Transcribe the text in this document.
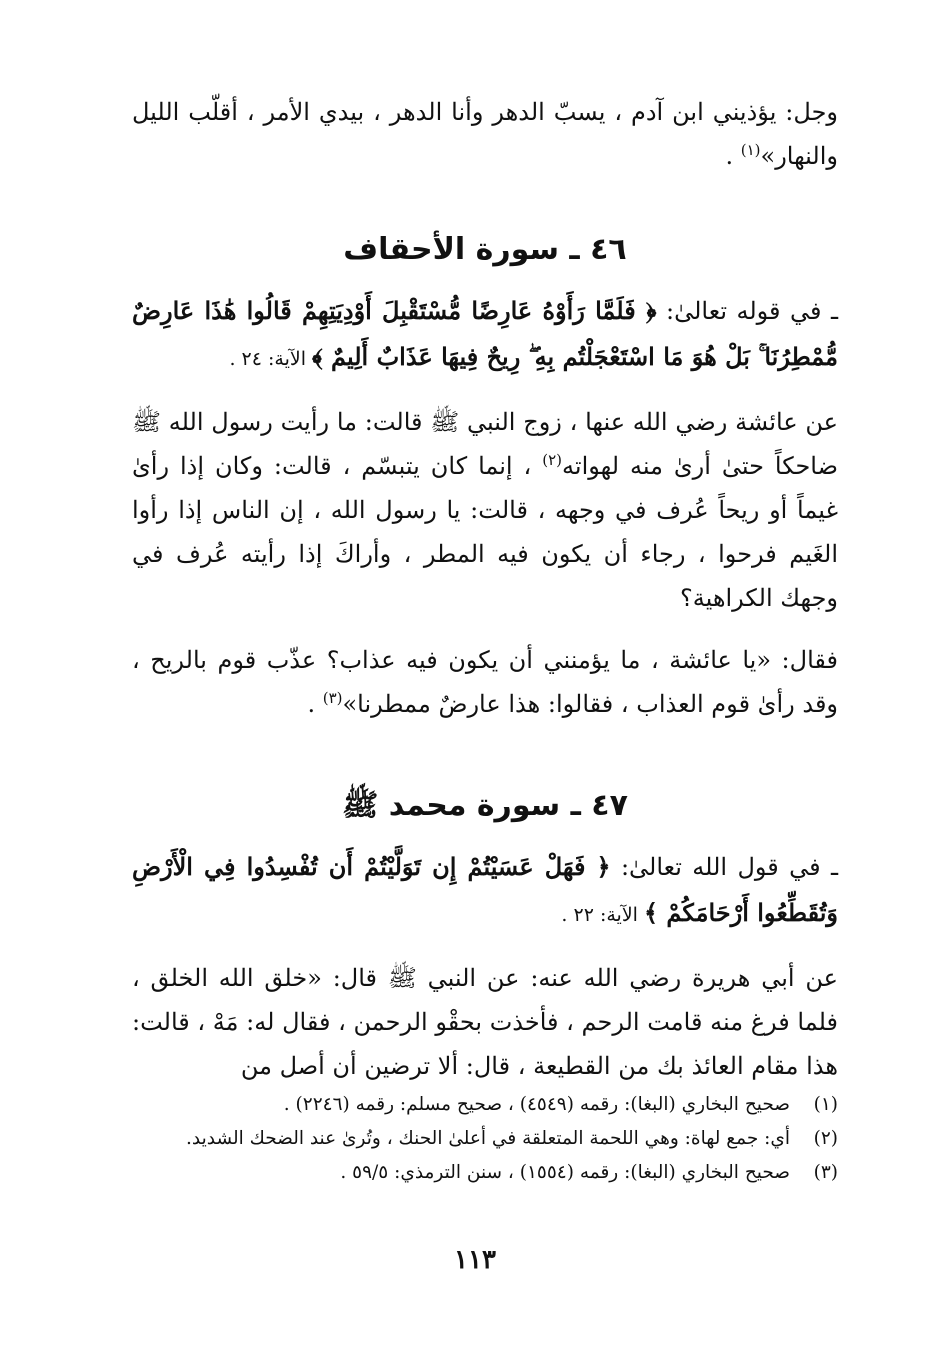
وجل: يؤذيني ابن آدم ، يسبّ الدهر وأنا الدهر ، بيدي الأمر ، أقلّب الليل والنهار»$^{(١)}$ .

٤٦ ـ سورة الأحقاف

ـ في قوله تعالىٰ: ﴿ فَلَمَّا رَأَوْهُ عَارِضًا مُّسْتَقْبِلَ أَوْدِيَتِهِمْ قَالُوا هَٰذَا عَارِضٌ مُّمْطِرُنَا ۚ بَلْ هُوَ مَا اسْتَعْجَلْتُم بِهِ ۖ رِيحٌ فِيهَا عَذَابٌ أَلِيمٌ ﴾ الآية: ٢٤ .

عن عائشة رضي الله عنها ، زوج النبي ﷺ قالت: ما رأيت رسول الله ﷺ ضاحكاً حتىٰ أرىٰ منه لهواته$^{(٢)}$ ، إنما كان يتبسّم ، قالت: وكان إذا رأىٰ غيماً أو ريحاً عُرف في وجهه ، قالت: يا رسول الله ، إن الناس إذا رأوا الغَيم فرحوا ، رجاء أن يكون فيه المطر ، وأراكَ إذا رأيته عُرف في وجهك الكراهية؟

فقال: «يا عائشة ، ما يؤمنني أن يكون فيه عذاب؟ عذّب قوم بالريح ، وقد رأىٰ قوم العذاب ، فقالوا: هذا عارضٌ ممطرنا»$^{(٣)}$ .

٤٧ ـ سورة محمد ﷺ

ـ في قول الله تعالىٰ: ﴿ فَهَلْ عَسَيْتُمْ إِن تَوَلَّيْتُمْ أَن تُفْسِدُوا فِي الْأَرْضِ وَتُقَطِّعُوا أَرْحَامَكُمْ ﴾ الآية: ٢٢ .

عن أبي هريرة رضي الله عنه: عن النبي ﷺ قال: «خلق الله الخلق ، فلما فرغ منه قامت الرحم ، فأخذت بحقْو الرحمن ، فقال له: مَهْ ، قالت: هذا مقام العائذ بك من القطيعة ، قال: ألا ترضين أن أصل من

(١)
صحيح البخاري (البغا): رقمه (٤٥٤٩) ، صحيح مسلم: رقمه (٢٢٤٦) .
(٢)
أي: جمع لهاة: وهي اللحمة المتعلقة في أعلىٰ الحنك ، وتُرىٰ عند الضحك الشديد.
(٣)
صحيح البخاري (البغا): رقمه (١٥٥٤) ، سنن الترمذي: ٥٩/٥ .
١١٣
